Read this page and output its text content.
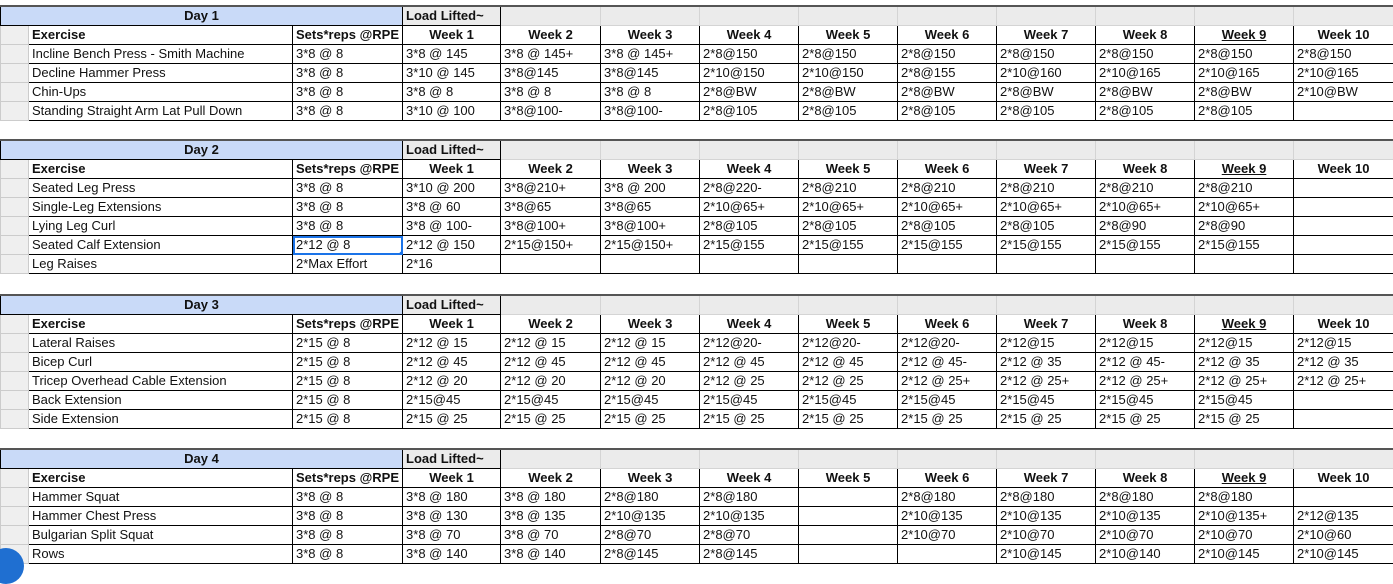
Day 1			Load Lifted~									
	Exercise	Sets*reps @RPE	Week 1	Week 2	Week 3	Week 4	Week 5	Week 6	Week 7	Week 8	Week 9	Week 10
	Incline Bench Press - Smith Machine	3*8 @ 8	3*8 @ 145	3*8 @ 145+	3*8 @ 145+	2*8@150	2*8@150	2*8@150	2*8@150	2*8@150	2*8@150	2*8@150
	Decline Hammer Press	3*8 @ 8	3*10 @ 145	3*8@145	3*8@145	2*10@150	2*10@150	2*8@155	2*10@160	2*10@165	2*10@165	2*10@165
	Chin-Ups	3*8 @ 8	3*8 @ 8	3*8 @ 8	3*8 @ 8	2*8@BW	2*8@BW	2*8@BW	2*8@BW	2*8@BW	2*8@BW	2*10@BW
	Standing Straight Arm Lat Pull Down	3*8 @ 8	3*10 @ 100	3*8@100-	3*8@100-	2*8@105	2*8@105	2*8@105	2*8@105	2*8@105	2*8@105	
Day 2			Load Lifted~									
	Exercise	Sets*reps @RPE	Week 1	Week 2	Week 3	Week 4	Week 5	Week 6	Week 7	Week 8	Week 9	Week 10
	Seated Leg Press	3*8 @ 8	3*10 @ 200	3*8@210+	3*8 @ 200	2*8@220-	2*8@210	2*8@210	2*8@210	2*8@210	2*8@210	
	Single-Leg Extensions	3*8 @ 8	3*8 @ 60	3*8@65	3*8@65	2*10@65+	2*10@65+	2*10@65+	2*10@65+	2*10@65+	2*10@65+	
	Lying Leg Curl	3*8 @ 8	3*8 @ 100-	3*8@100+	3*8@100+	2*8@105	2*8@105	2*8@105	2*8@105	2*8@90	2*8@90	
	Seated Calf Extension	2*12 @ 8	2*12 @ 150	2*15@150+	2*15@150+	2*15@155	2*15@155	2*15@155	2*15@155	2*15@155	2*15@155	
	Leg Raises	2*Max Effort	2*16									
Day 3			Load Lifted~									
	Exercise	Sets*reps @RPE	Week 1	Week 2	Week 3	Week 4	Week 5	Week 6	Week 7	Week 8	Week 9	Week 10
	Lateral Raises	2*15 @ 8	2*12 @ 15	2*12 @ 15	2*12 @ 15	2*12@20-	2*12@20-	2*12@20-	2*12@15	2*12@15	2*12@15	2*12@15
	Bicep Curl	2*15 @ 8	2*12 @ 45	2*12 @ 45	2*12 @ 45	2*12 @ 45	2*12 @ 45	2*12 @ 45-	2*12 @ 35	2*12 @ 45-	2*12 @ 35	2*12 @ 35
	Tricep Overhead Cable Extension	2*15 @ 8	2*12 @ 20	2*12 @ 20	2*12 @ 20	2*12 @ 25	2*12 @ 25	2*12 @ 25+	2*12 @ 25+	2*12 @ 25+	2*12 @ 25+	2*12 @ 25+
	Back Extension	2*15 @ 8	2*15@45	2*15@45	2*15@45	2*15@45	2*15@45	2*15@45	2*15@45	2*15@45	2*15@45	
	Side Extension	2*15 @ 8	2*15 @ 25	2*15 @ 25	2*15 @ 25	2*15 @ 25	2*15 @ 25	2*15 @ 25	2*15 @ 25	2*15 @ 25	2*15 @ 25	
Day 4			Load Lifted~									
	Exercise	Sets*reps @RPE	Week 1	Week 2	Week 3	Week 4	Week 5	Week 6	Week 7	Week 8	Week 9	Week 10
	Hammer Squat	3*8 @ 8	3*8 @ 180	3*8 @ 180	2*8@180	2*8@180		2*8@180	2*8@180	2*8@180	2*8@180	
	Hammer Chest Press	3*8 @ 8	3*8 @ 130	3*8 @ 135	2*10@135	2*10@135		2*10@135	2*10@135	2*10@135	2*10@135+	2*12@135
	Bulgarian Split Squat	3*8 @ 8	3*8 @ 70	3*8 @ 70	2*8@70	2*8@70		2*10@70	2*10@70	2*10@70	2*10@70	2*10@60
	Rows	3*8 @ 8	3*8 @ 140	3*8 @ 140	2*8@145	2*8@145			2*10@145	2*10@140	2*10@145	2*10@145
